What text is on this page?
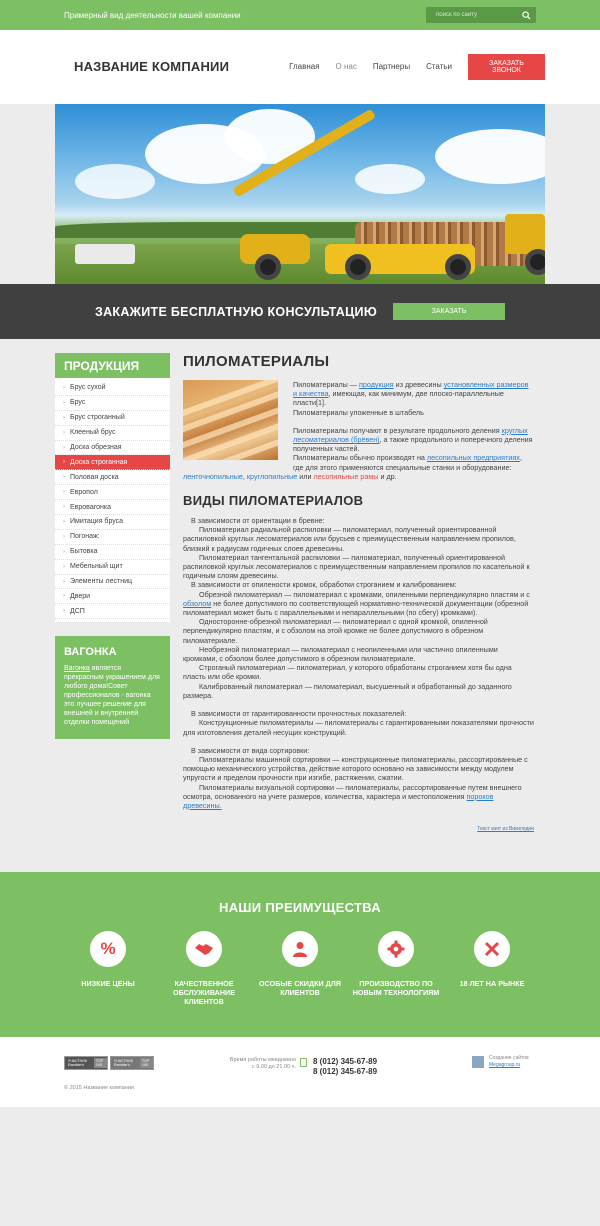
Примерный вид деятельности вашей компании
поиск по сайту
НАЗВАНИЕ КОМПАНИИ	Главная О нас Партнеры Статьи	ЗАКАЗАТЬ ЗВОНОК
ЗАКАЖИТЕ БЕСПЛАТНУЮ КОНСУЛЬТАЦИЮ	ЗАКАЗАТЬ
ПРОДУКЦИЯ
› Брус сухой
› Брус
› Брус строганный
› Клееный брус
› Доска обрезная
› Доска строганная
› Половая доска
› Европол
› Евровагонка
› Имитация бруса
› Погонаж:
› Бытовка
› Мебельный щит
› Элементы лестниц
› Двери
› ДСП
ВАГОНКА
Вагонка является прекрасным украшением для любого дома!Совет профессионалов - вагонка это лучшее решение для внешней и внутренней отделки помещений
ПИЛОМАТЕРИАЛЫ

Пиломатериалы — продукция из древесины установленных размеров и качества, имеющая, как минимум, две плоско-параллельные пласти[1].

Пиломатериалы уложенные в штабель

Пиломатериалы получают в результате продольного деления круглых лесоматериалов (брёвен), а также продольного и поперечного деления полученных частей.

Пиломатериалы обычно производят на лесопильных предприятиях, где для этого применяются специальные станки и оборудование: ленточнопильные, круглопильные или лесопильные рамы и др.

ВИДЫ ПИЛОМАТЕРИАЛОВ

В зависимости от ориентации в бревне:

Пиломатериал радиальной распиловки — пиломатериал, полученный ориентированной распиловкой круглых лесоматериалов или брусьев с преимущественным направлением пропилов, близкий к радиусам годичных слоев древесины.

Пиломатериал тангентальной распиловки — пиломатериал, полученный ориентированной распиловкой круглых лесоматериалов с преимущественным направлением пропилов по касательной к годичным слоям древесины.

В зависимости от опилености кромок, обработки строганием и калиброванием:

Обрезной пиломатериал — пиломатериал с кромками, опиленными перпендикулярно пластям и с обзолом не более допустимого по соответствующей нормативно-технической документации (обрезной пиломатериал может быть с параллельными и непараллельными (по сбегу) кромками).

Односторонне-обрезной пиломатериал — пиломатериал с одной кромкой, опиленной перпендикулярно пластям, и с обзолом на этой кромке не более допустимого в обрезном пиломатериале.

Необрезной пиломатериал — пиломатериал с неопиленными или частично опиленными кромками, с обзолом более допустимого в обрезном пиломатериале.

Строганый пиломатериал — пиломатериал, у которого обработаны строганием хотя бы одна пласть или обе кромки.

Калиброванный пиломатериал — пиломатериал, высушенный и обработанный до заданного размера.

В зависимости от гарантированности прочностных показателей:

Конструкционные пиломатериалы — пиломатериалы с гарантированными показателями прочности для изготовления деталей несущих конструкций.

В зависимости от вида сортировки:

Пиломатериалы машинной сортировки — конструкционные пиломатериалы, рассортированные с помощью механического устройства, действие которого основано на зависимости между модулем упругости и пределом прочности при изгибе, растяжении, сжатии.

Пиломатериалы визуальной сортировки — пиломатериалы, рассортированные путем внешнего осмотра, основанного на учете размеров, количества, характера и местоположения пороков древесины.

Текст взят из Википедии
НАШИ ПРЕИМУЩЕСТВА
%
НИЗКИЕ ЦЕНЫ	КАЧЕСТВЕННОЕ ОБСЛУЖИВАНИЕ КЛИЕНТОВ
ОСОБЫЕ СКИДКИ ДЛЯ КЛИЕНТОВ
ПРОИЗВОДСТВО ПО НОВЫМ ТЕХНОЛОГИЯМ
18 ЛЕТ НА РЫНКЕ
УЧАСТНИК Rambler's
TOP 100
УЧАСТНИК Rambler's
TOP 100
Время работы ежедневно
с 9.00 до 21.00 ч.
8 (012) 345-67-89
8 (012) 345-67-89
Создание сайтов
Megagroup.ru
© 2015 Название компании
